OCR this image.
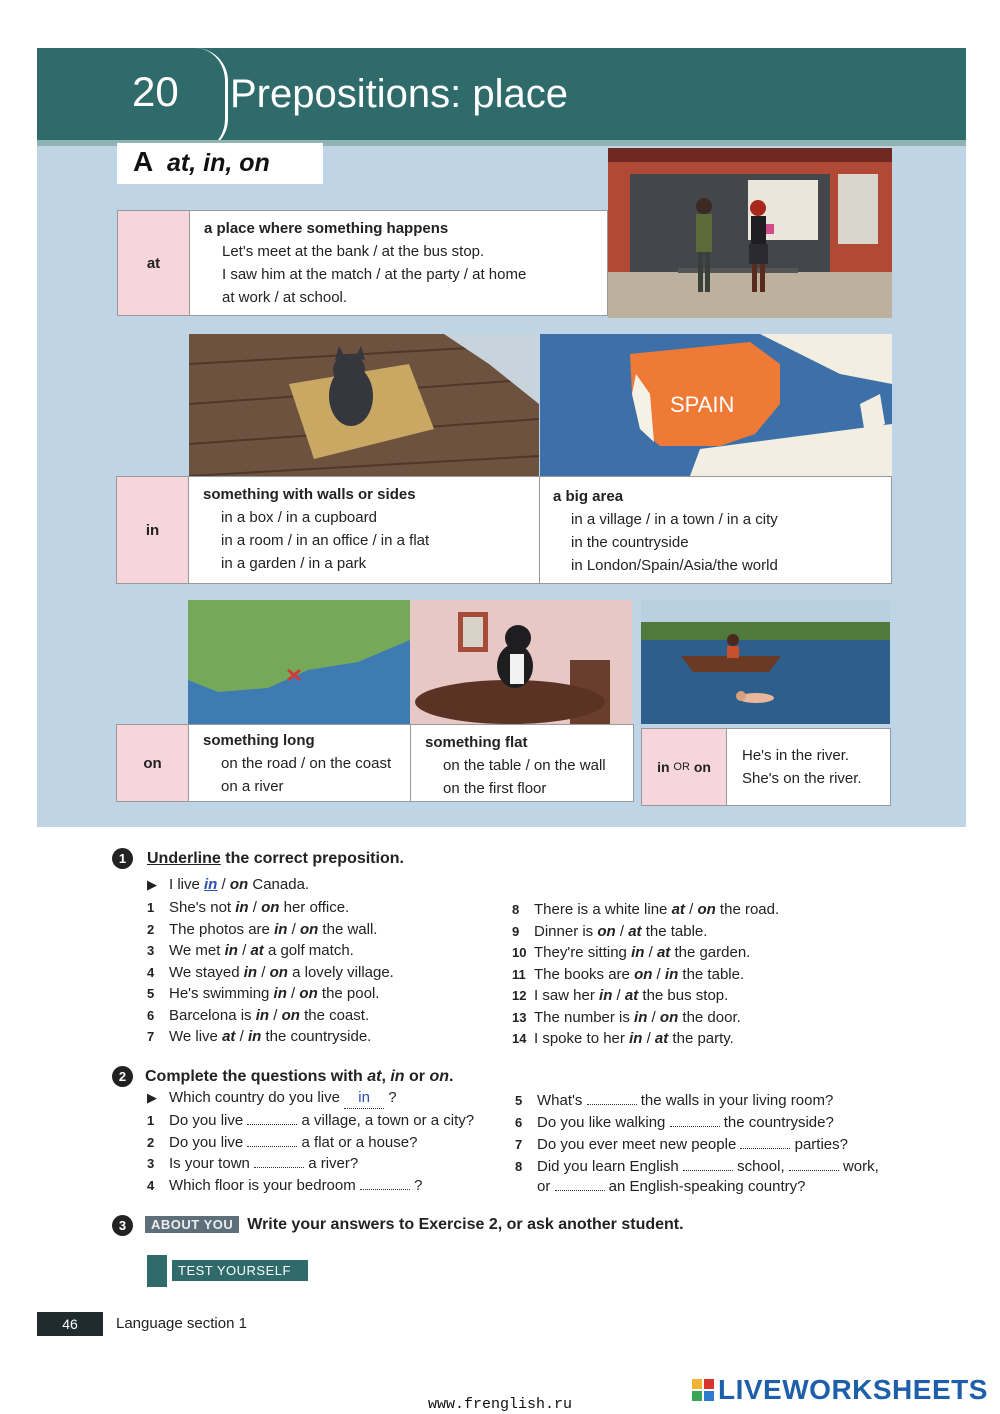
20 Prepositions: place
A at, in, on
at
a place where something happens
Let's meet at the bank / at the bus stop.
I saw him at the match / at the party / at home
at work / at school.
SPAIN
in
something with walls or sides
in a box / in a cupboard
in a room / in an office / in a flat
in a garden / in a park
a big area
in a village / in a town / in a city
in the countryside
in London/Spain/Asia/the world
on
something long
on the road / on the coast
on a river
something flat
on the table / on the wall
on the first floor
in
OR
on
He's in the river.
She's on the river.
1	Underline the correct preposition.
▶ I live in / on Canada.
1 She's not in / on her office.
2 The photos are in / on the wall.
3 We met in / at a golf match.
4 We stayed in / on a lovely village.
5 He's swimming in / on the pool.
6 Barcelona is in / on the coast.
7 We live at / in the countryside.
8 There is a white line at / on the road.
9 Dinner is on / at the table.
10 They're sitting in / at the garden.
11 The books are on / in the table.
12 I saw her in / at the bus stop.
13 The number is in / on the door.
14 I spoke to her in / at the party.
2	Complete the questions with at, in or on.
▶ Which country do you live in ?
1 Do you live	a village, a town or a city?
2 Do you live	a flat or a house?
3 Is your town	a river?
4 Which floor is your bedroom	?
5 What's	the walls in your living room?
6 Do you like walking	the countryside?
7 Do you ever meet new people	parties?
8 Did you learn English	school,	work,
or	an English-speaking country?
3	ABOUT YOU Write your answers to Exercise 2, or ask another student.
TEST YOURSELF
46	Language section 1
www.frenglish.ru	LIVEWORKSHEETS
